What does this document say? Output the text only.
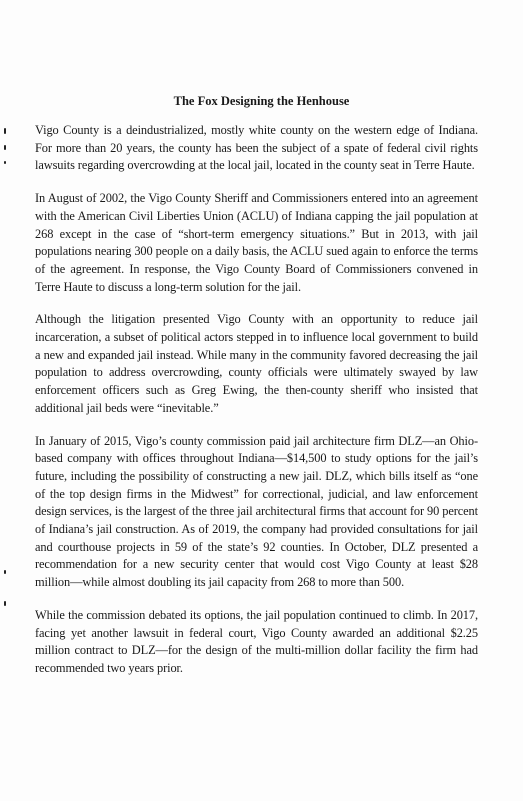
The Fox Designing the Henhouse

Vigo County is a deindustrialized, mostly white county on the western edge of Indiana. For more than 20 years, the county has been the subject of a spate of federal civil rights lawsuits regarding overcrowding at the local jail, located in the county seat in Terre Haute.

In August of 2002, the Vigo County Sheriff and Commissioners entered into an agreement with the American Civil Liberties Union (ACLU) of Indiana capping the jail population at 268 except in the case of “short-term emergency situations.” But in 2013, with jail populations nearing 300 people on a daily basis, the ACLU sued again to enforce the terms of the agreement. In response, the Vigo County Board of Commissioners convened in Terre Haute to discuss a long-term solution for the jail.

Although the litigation presented Vigo County with an opportunity to reduce jail incarceration, a subset of political actors stepped in to influence local government to build a new and expanded jail instead. While many in the community favored decreasing the jail population to address overcrowding, county officials were ultimately swayed by law enforcement officers such as Greg Ewing, the then-county sheriff who insisted that additional jail beds were “inevitable.”

In January of 2015, Vigo’s county commission paid jail architecture firm DLZ—an Ohio-based company with offices throughout Indiana—$14,500 to study options for the jail’s future, including the possibility of constructing a new jail. DLZ, which bills itself as “one of the top design firms in the Midwest” for correctional, judicial, and law enforcement design services, is the largest of the three jail architectural firms that account for 90 percent of Indiana’s jail construction. As of 2019, the company had provided consultations for jail and courthouse projects in 59 of the state’s 92 counties. In October, DLZ presented a recommendation for a new security center that would cost Vigo County at least $28 million—while almost doubling its jail capacity from 268 to more than 500.

While the commission debated its options, the jail population continued to climb. In 2017, facing yet another lawsuit in federal court, Vigo County awarded an additional $2.25 million contract to DLZ—for the design of the multi-million dollar facility the firm had recommended two years prior.
